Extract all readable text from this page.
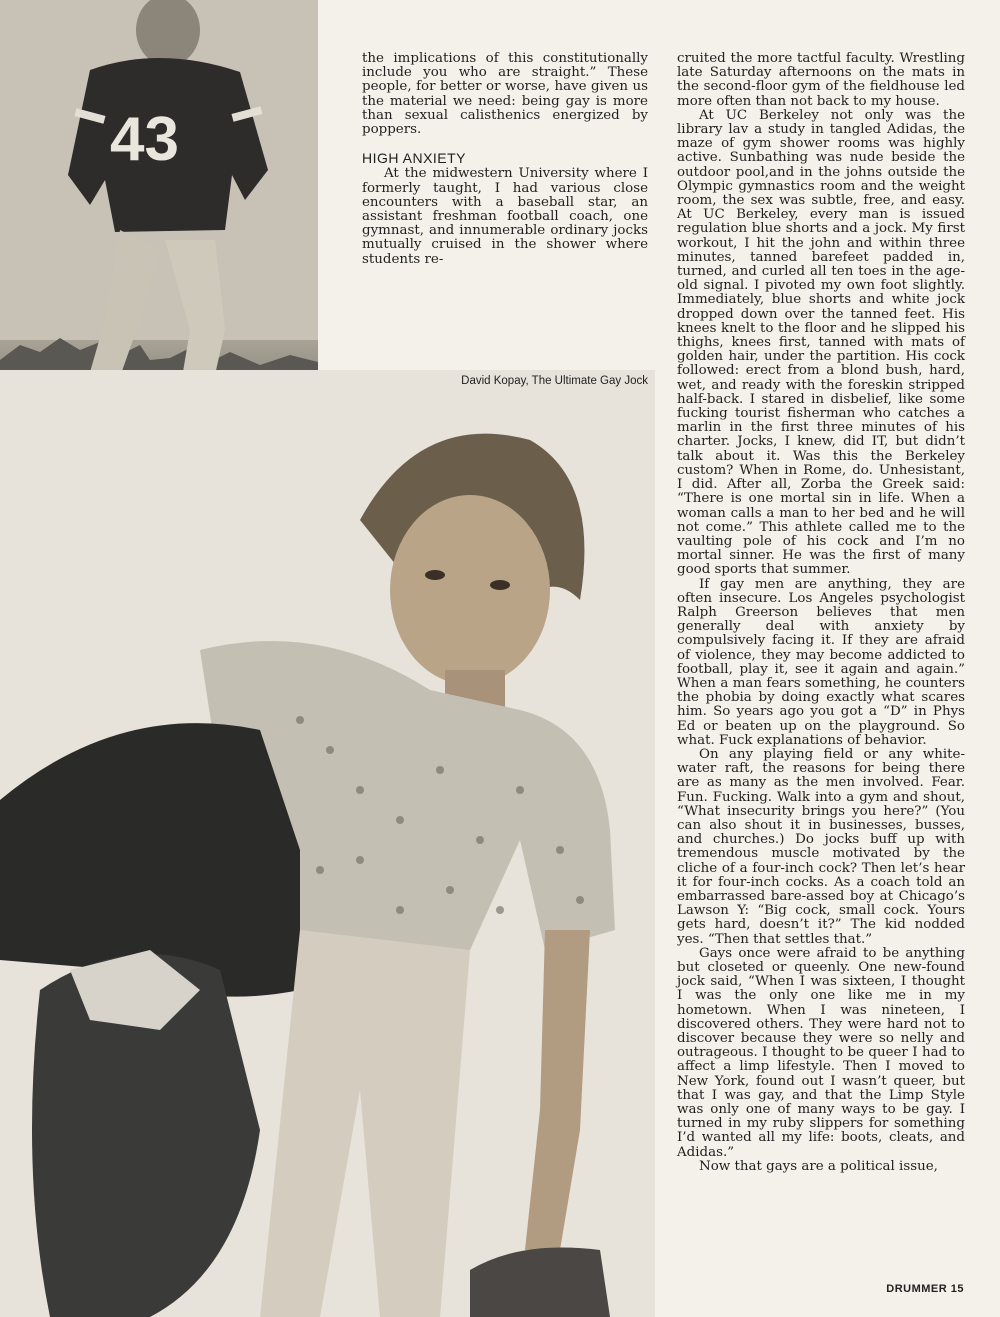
43
David Kopay, The Ultimate Gay Jock

the implications of this constitutionally include you who are straight.” These people, for better or worse, have given us the material we need: being gay is more than sexual calisthenics energized by poppers.

HIGH ANXIETY

At the midwestern University where I formerly taught, I had various close encounters with a baseball star, an assistant freshman football coach, one gymnast, and innumerable ordinary jocks mutually cruised in the shower where students re-

cruited the more tactful faculty. Wrestling late Saturday afternoons on the mats in the second-floor gym of the fieldhouse led more often than not back to my house.

At UC Berkeley not only was the library lav a study in tangled Adidas, the maze of gym shower rooms was highly active. Sunbathing was nude beside the outdoor pool,and in the johns outside the Olympic gymnastics room and the weight room, the sex was subtle, free, and easy. At UC Berkeley, every man is issued regulation blue shorts and a jock. My first workout, I hit the john and within three minutes, tanned barefeet padded in, turned, and curled all ten toes in the age-old signal. I pivoted my own foot slightly. Immediately, blue shorts and white jock dropped down over the tanned feet. His knees knelt to the floor and he slipped his thighs, knees first, tanned with mats of golden hair, under the partition. His cock followed: erect from a blond bush, hard, wet, and ready with the foreskin stripped half-back. I stared in disbelief, like some fucking tourist fisherman who catches a marlin in the first three minutes of his charter. Jocks, I knew, did IT, but didn’t talk about it. Was this the Berkeley custom? When in Rome, do. Unhesistant, I did. After all, Zorba the Greek said: “There is one mortal sin in life. When a woman calls a man to her bed and he will not come.” This athlete called me to the vaulting pole of his cock and I’m no mortal sinner. He was the first of many good sports that summer.

If gay men are anything, they are often insecure. Los Angeles psychologist Ralph Greerson believes that men generally deal with anxiety by compulsively facing it. If they are afraid of violence, they may become addicted to football, play it, see it again and again.” When a man fears something, he counters the phobia by doing exactly what scares him. So years ago you got a “D” in Phys Ed or beaten up on the playground. So what. Fuck explanations of behavior.

On any playing field or any white-water raft, the reasons for being there are as many as the men involved. Fear. Fun. Fucking. Walk into a gym and shout, “What insecurity brings you here?” (You can also shout it in businesses, busses, and churches.) Do jocks buff up with tremendous muscle motivated by the cliche of a four-inch cock? Then let’s hear it for four-inch cocks. As a coach told an embarrassed bare-assed boy at Chicago’s Lawson Y: “Big cock, small cock. Yours gets hard, doesn’t it?” The kid nodded yes. “Then that settles that.”

Gays once were afraid to be anything but closeted or queenly. One new-found jock said, “When I was sixteen, I thought I was the only one like me in my hometown. When I was nineteen, I discovered others. They were hard not to discover because they were so nelly and outrageous. I thought to be queer I had to affect a limp lifestyle. Then I moved to New York, found out I wasn’t queer, but that I was gay, and that the Limp Style was only one of many ways to be gay. I turned in my ruby slippers for something I’d wanted all my life: boots, cleats, and Adidas.”

Now that gays are a political issue,

DRUMMER 15
